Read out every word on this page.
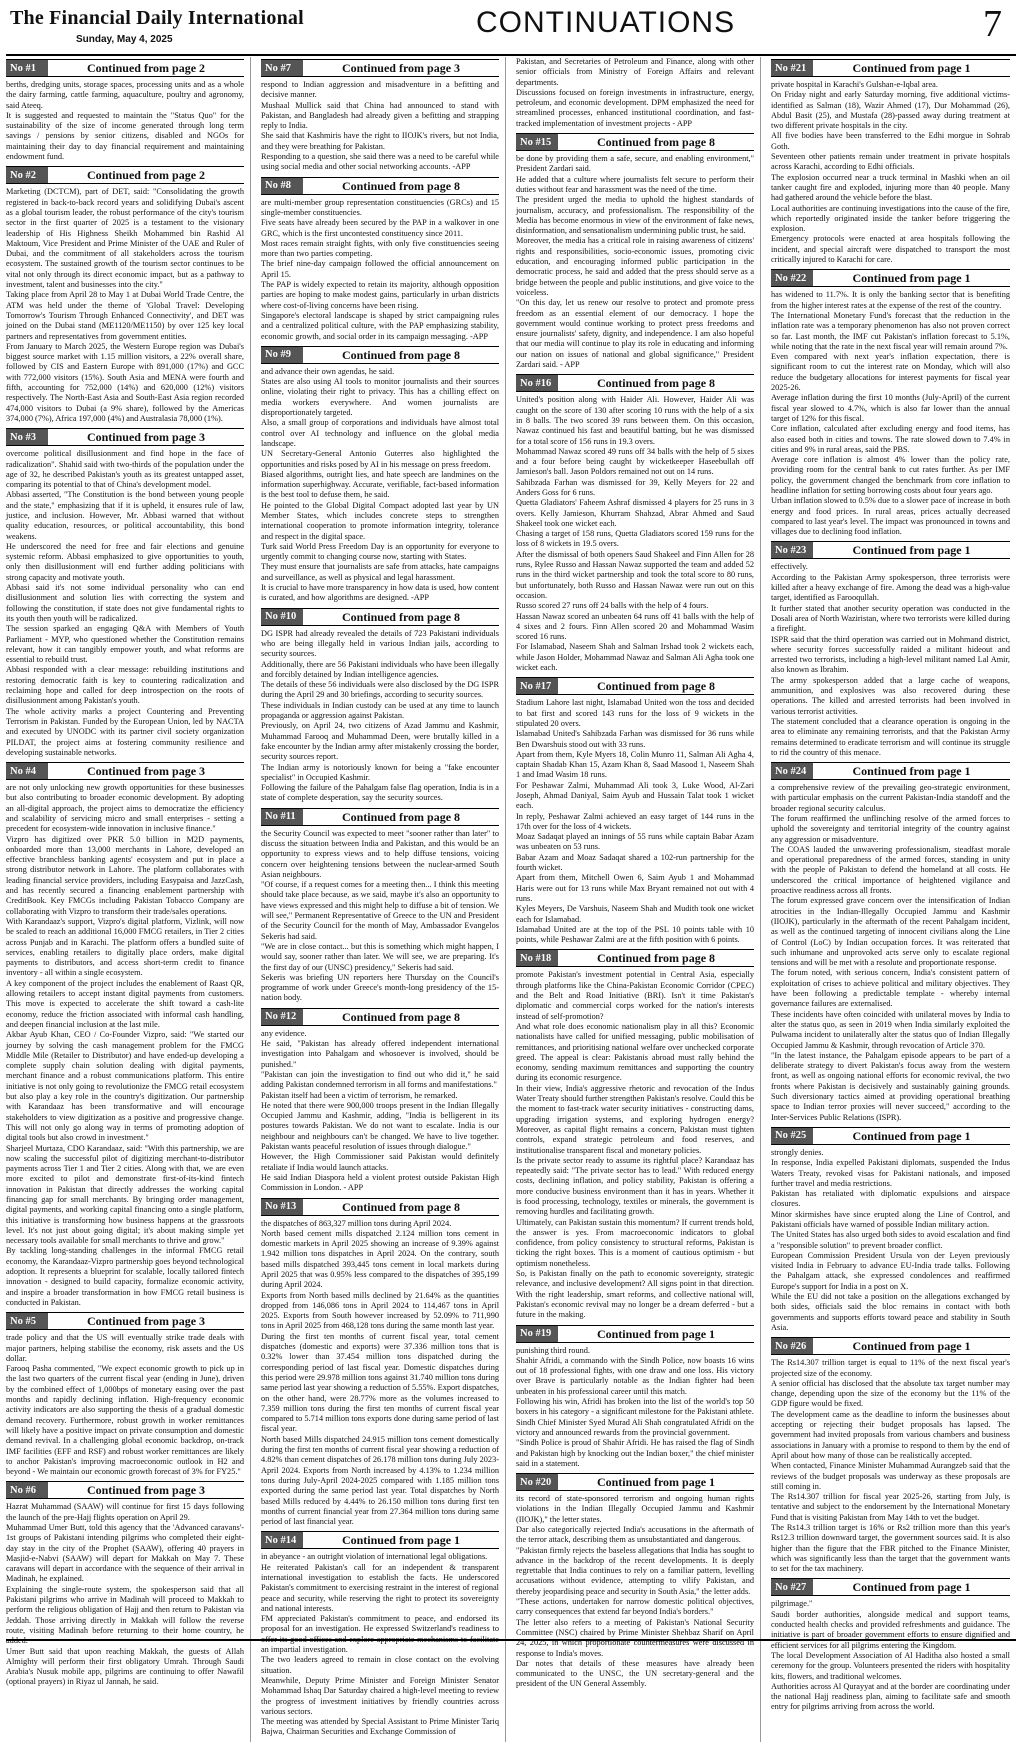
The Financial Daily International
Sunday, May 4, 2025
CONTINUATIONS	7
No #1	Continued from page 2

berths, dredging units, storage spaces, processing units and as a whole the dairy farming, cattle farming, aquaculture, poultry and agronomy, said Ateeq.

It is suggested and requested to maintain the "Status Quo" for the sustainability of the size of income generated through long term savings / pensions by senior citizens, disabled and NGOs for maintaining their day to day financial requirement and maintaining endowment fund.

No #2	Continued from page 2

Marketing (DCTCM), part of DET, said: "Consolidating the growth registered in back-to-back record years and solidifying Dubai's ascent as a global tourism leader, the robust performance of the city's tourism sector in the first quarter of 2025 is a testament to the visionary leadership of His Highness Sheikh Mohammed bin Rashid Al Maktoum, Vice President and Prime Minister of the UAE and Ruler of Dubai, and the commitment of all stakeholders across the tourism ecosystem. The sustained growth of the tourism sector continues to be vital not only through its direct economic impact, but as a pathway to investment, talent and businesses into the city."

Taking place from April 28 to May 1 at Dubai World Trade Centre, the ATM was held under the theme of 'Global Travel: Developing Tomorrow's Tourism Through Enhanced Connectivity', and DET was joined on the Dubai stand (ME1120/ME1150) by over 125 key local partners and representatives from government entities.

From January to March 2025, the Western Europe region was Dubai's biggest source market with 1.15 million visitors, a 22% overall share, followed by CIS and Eastern Europe with 891,000 (17%) and GCC with 772,000 visitors (15%). South Asia and MENA were fourth and fifth, accounting for 752,000 (14%) and 620,000 (12%) visitors respectively. The North-East Asia and South-East Asia region recorded 474,000 visitors to Dubai (a 9% share), followed by the Americas 374,000 (7%), Africa 197,000 (4%) and Australasia 78,000 (1%).

No #3	Continued from page 3

overcome political disillusionment and find hope in the face of radicalization". Shahid said with two-thirds of the population under the age of 32, he described Pakistan's youth as its greatest untapped asset, comparing its potential to that of China's development model.

Abbasi asserted, "The Constitution is the bond between young people and the state," emphasizing that if it is upheld, it ensures rule of law, justice, and inclusion. However, Mr. Abbasi warned that without quality education, resources, or political accountability, this bond weakens.

He underscored the need for free and fair elections and genuine systemic reform. Abbasi emphasized to give opportunities to youth, only then disillusionment will end further adding politicians with strong capacity and motivate youth.

Abbasi said it's not some individual personality who can end disillusionment and solution lies with correcting the system and following the constitution, if state does not give fundamental rights to its youth then youth will be radicalized.

The session sparked an engaging Q&A with Members of Youth Parliament - MYP, who questioned whether the Constitution remains relevant, how it can tangibly empower youth, and what reforms are essential to rebuild trust.

Abbasi responded with a clear message: rebuilding institutions and restoring democratic faith is key to countering radicalization and reclaiming hope and called for deep introspection on the roots of disillusionment among Pakistan's youth.

The whole activity marks a project Countering and Preventing Terrorism in Pakistan. Funded by the European Union, led by NACTA and executed by UNODC with its partner civil society organization PILDAT, the project aims at fostering community resilience and developing sustainable networks.

No #4	Continued from page 3

are not only unlocking new growth opportunities for these businesses but also contributing to broader economic development. By adopting an all-digital approach, the project aims to democratize the efficiency and scalability of servicing micro and small enterprises - setting a precedent for ecosystem-wide innovation in inclusive finance."

Vizpro has digitized over PKR 5.0 billion in M2D payments, onboarded more than 13,000 merchants in Lahore, developed an effective branchless banking agents' ecosystem and put in place a strong distributor network in Lahore. The platform collaborates with leading financial service providers, including Easypaisa and JazzCash, and has recently secured a financing enablement partnership with CreditBook. Key FMCGs including Pakistan Tobacco Company are collaborating with Vizpro to transform their trade/sales operations.

With Karandaaz's support, Vizpro's digital platform, Vizlink, will now be scaled to reach an additional 16,000 FMCG retailers, in Tier 2 cities across Punjab and in Karachi. The platform offers a bundled suite of services, enabling retailers to digitally place orders, make digital payments to distributors, and access short-term credit to finance inventory - all within a single ecosystem.

A key component of the project includes the enablement of Raast QR, allowing retailers to accept instant digital payments from customers. This move is expected to accelerate the shift toward a cash-lite economy, reduce the friction associated with informal cash handling, and deepen financial inclusion at the last mile.

Akbar Ayub Khan, CEO / Co-Founder Vizpro, said: "We started our journey by solving the cash management problem for the FMCG Middle Mile (Retailer to Distributor) and have ended-up developing a complete supply chain solution dealing with digital payments, merchant finance and a robust communications platform. This entire initiative is not only going to revolutionize the FMCG retail ecosystem but also play a key role in the country's digitization. Our partnership with Karandaaz has been transformative and will encourage stakeholders to view digitization as a positive and progressive change. This will not only go along way in terms of promoting adoption of digital tools but also crowd in investment."

Sharjeel Murtaza, CDO Karandaaz, said: "With this partnership, we are now scaling the successful pilot of digitizing merchant-to-distributor payments across Tier 1 and Tier 2 cities. Along with that, we are even more excited to pilot and demonstrate first-of-its-kind fintech innovation in Pakistan that directly addresses the working capital financing gap for small merchants. By bringing order management, digital payments, and working capital financing onto a single platform, this initiative is transforming how business happens at the grassroots level. It's not just about going digital; it's about making simple yet necessary tools available for small merchants to thrive and grow."

By tackling long-standing challenges in the informal FMCG retail economy, the Karandaaz-Vizpro partnership goes beyond technological adoption. It represents a blueprint for scalable, locally tailored fintech innovation - designed to build capacity, formalize economic activity, and inspire a broader transformation in how FMCG retail business is conducted in Pakistan.

No #5	Continued from page 3

trade policy and that the US will eventually strike trade deals with major partners, helping stabilise the economy, risk assets and the US dollar.

Farooq Pasha commented, "We expect economic growth to pick up in the last two quarters of the current fiscal year (ending in June), driven by the combined effect of 1,000bps of monetary easing over the past months and rapidly declining inflation. High-frequency economic activity indicators are also supporting the thesis of a gradual domestic demand recovery. Furthermore, robust growth in worker remittances will likely have a positive impact on private consumption and domestic demand revival. In a challenging global economic backdrop, on-track IMF facilities (EFF and RSF) and robust worker remittances are likely to anchor Pakistan's improving macroeconomic outlook in H2 and beyond - We maintain our economic growth forecast of 3% for FY25."

No #6	Continued from page 3

Hazrat Muhammad (SAAW) will continue for first 15 days following the launch of the pre-Hajj flights operation on April 29.

Muhammad Umer Butt, told this agency that the 'Advanced caravans'- 1st groups of Pakistani intending pilgrims who completed their eight-day stay in the city of the Prophet (SAAW), offering 40 prayers in Masjid-e-Nabvi (SAAW) will depart for Makkah on May 7. These caravans will depart in accordance with the sequence of their arrival in Madinah, he explained.

Explaining the single-route system, the spokesperson said that all Pakistani pilgrims who arrive in Madinah will proceed to Makkah to perform the religious obligation of Hajj and then return to Pakistan via Jeddah. Those arriving directly in Makkah will follow the reverse route, visiting Madinah before returning to their home country, he added.

Umer Butt said that upon reaching Makkah, the guests of Allah Almighty will perform their first obligatory Umrah. Through Saudi Arabia's Nusuk mobile app, pilgrims are continuing to offer Nawafil (optional prayers) in Riyaz ul Jannah, he said.

No #7	Continued from page 3

respond to Indian aggression and misadventure in a befitting and decisive manner.

Mushaal Mullick said that China had announced to stand with Pakistan, and Bangladesh had already given a befitting and strapping reply to India.

She said that Kashmiris have the right to IIOJK's rivers, but not India, and they were breathing for Pakistan.

Responding to a question, she said there was a need to be careful while using social media and other social networking accounts. -APP

No #8	Continued from page 8

are multi-member group representation constituencies (GRCs) and 15 single-member constituencies.

Five seats have already been secured by the PAP in a walkover in one GRC, which is the first uncontested constituency since 2011.

Most races remain straight fights, with only five constituencies seeing more than two parties competing.

The brief nine-day campaign followed the official announcement on April 15.

The PAP is widely expected to retain its majority, although opposition parties are hoping to make modest gains, particularly in urban districts where cost-of-living concerns have been rising.

Singapore's electoral landscape is shaped by strict campaigning rules and a centralized political culture, with the PAP emphasizing stability, economic growth, and social order in its campaign messaging. -APP

No #9	Continued from page 8

and advance their own agendas, he said.

States are also using AI tools to monitor journalists and their sources online, violating their right to privacy. This has a chilling effect on media workers everywhere. And women journalists are disproportionately targeted.

Also, a small group of corporations and individuals have almost total control over AI technology and influence on the global media landscape.

UN Secretary-General Antonio Guterres also highlighted the opportunities and risks posed by AI in his message on press freedom.

Biased algorithms, outright lies, and hate speech are landmines on the information superhighway. Accurate, verifiable, fact-based information is the best tool to defuse them, he said.

He pointed to the Global Digital Compact adopted last year by UN Member States, which includes concrete steps to strengthen international cooperation to promote information integrity, tolerance and respect in the digital space.

Turk said World Press Freedom Day is an opportunity for everyone to urgently commit to changing course now, starting with States.

They must ensure that journalists are safe from attacks, hate campaigns and surveillance, as well as physical and legal harassment.

It is crucial to have more transparency in how data is used, how content is curated, and how algorithms are designed. -APP

No #10	Continued from page 8

DG ISPR had already revealed the details of 723 Pakistani individuals who are being illegally held in various Indian jails, according to security sources.

Additionally, there are 56 Pakistani individuals who have been illegally and forcibly detained by Indian intelligence agencies.

The details of these 56 individuals were also disclosed by the DG ISPR during the April 29 and 30 briefings, according to security sources.

These individuals in Indian custody can be used at any time to launch propaganda or aggression against Pakistan.

Previously, on April 24, two citizens of Azad Jammu and Kashmir, Muhammad Farooq and Muhammad Deen, were brutally killed in a fake encounter by the Indian army after mistakenly crossing the border, security sources report.

The Indian army is notoriously known for being a "fake encounter specialist" in Occupied Kashmir.

Following the failure of the Pahalgam false flag operation, India is in a state of complete desperation, say the security sources.

No #11	Continued from page 8

the Security Council was expected to meet "sooner rather than later" to discuss the situation between India and Pakistan, and this would be an opportunity to express views and to help diffuse tensions, voicing concern over heightening tensions between the nuclear-armed South Asian neighbours.

"Of course, if a request comes for a meeting then... I think this meeting should take place because, as we said, maybe it's also an opportunity to have views expressed and this might help to diffuse a bit of tension. We will see," Permanent Representative of Greece to the UN and President of the Security Council for the month of May, Ambassador Evangelos Sekeris had said.

"We are in close contact... but this is something which might happen, I would say, sooner rather than later. We will see, we are preparing. It's the first day of our (UNSC) presidency," Sekeris had said.

Sekeris was briefing UN reporters here Thursday on the Council's programme of work under Greece's month-long presidency of the 15-nation body.

No #12	Continued from page 8

any evidence.

He said, "Pakistan has already offered independent international investigation into Pahalgam and whosoever is involved, should be punished."

"Pakistan can join the investigation to find out who did it," he said adding Pakistan condemned terrorism in all forms and manifestations."

Pakistan itself had been a victim of terrorism, he remarked.

He noted that there were 900,000 troops present in the Indian Illegally Occupied Jammu and Kashmir, adding, "India is belligerent in its postures towards Pakistan. We do not want to escalate. India is our neighbour and neighbours can't be changed. We have to live together. Pakistan wants peaceful resolution of issues through dialogue."

However, the High Commissioner said Pakistan would definitely retaliate if India would launch attacks.

He said Indian Diaspora held a violent protest outside Pakistan High Commission in London. - APP

No #13	Continued from page 8

the dispatches of 863,327 million tons during April 2024.

North based cement mills dispatched 2.124 million tons cement in domestic markets in April 2025 showing an increase of 9.39% against 1.942 million tons dispatches in April 2024. On the contrary, south based mills dispatched 393,445 tons cement in local markets during April 2025 that was 0.95% less compared to the dispatches of 395,199 during April 2024.

Exports from North based mills declined by 21.64% as the quantities dropped from 146,086 tons in April 2024 to 114,467 tons in April 2025. Exports from South however increased by 52.09% to 711,990 tons in April 2025 from 468,128 tons during the same month last year.

During the first ten months of current fiscal year, total cement dispatches (domestic and exports) were 37.336 million tons that is 0.32% lower than 37.454 million tons dispatched during the corresponding period of last fiscal year. Domestic dispatches during this period were 29.978 million tons against 31.740 million tons during same period last year showing a reduction of 5.55%. Export dispatches, on the other hand, were 28.77% more as the volumes increased to 7.359 million tons during the first ten months of current fiscal year compared to 5.714 million tons exports done during same period of last fiscal year.

North based Mills dispatched 24.915 million tons cement domestically during the first ten months of current fiscal year showing a reduction of 4.82% than cement dispatches of 26.178 million tons during July 2023-April 2024. Exports from North increased by 4.13% to 1.234 million tons during July-April 2024-2025 compared with 1.185 million tons exported during the same period last year. Total dispatches by North based Mills reduced by 4.44% to 26.150 million tons during first ten months of current financial year from 27.364 million tons during same period of last financial year.

No #14	Continued from page 1

in abeyance - an outright violation of international legal obligations.

He reiterated Pakistan's call for an independent & transparent international investigation to establish the facts. He underscored Pakistan's commitment to exercising restraint in the interest of regional peace and security, while reserving the right to protect its sovereignty and national interests.

FM appreciated Pakistan's commitment to peace, and endorsed its proposal for an investigation. He expressed Switzerland's readiness to offer its good offices and explore appropriate mechanisms to facilitate an impartial investigation.

The two leaders agreed to remain in close contact on the evolving situation.

Meanwhile, Deputy Prime Minister and Foreign Minister Senator Mohammad Ishaq Dar Saturday chaired a high-level meeting to review the progress of investment initiatives by friendly countries across various sectors.

The meeting was attended by Special Assistant to Prime Minister Tariq Bajwa, Chairman Securities and Exchange Commission of

Pakistan, and Secretaries of Petroleum and Finance, along with other senior officials from Ministry of Foreign Affairs and relevant departments.

Discussions focused on foreign investments in infrastructure, energy, petroleum, and economic development. DPM emphasized the need for streamlined processes, enhanced institutional coordination, and fast-tracked implementation of investment projects - APP

No #15	Continued from page 8

be done by providing them a safe, secure, and enabling environment," President Zardari said.

He added that a culture where journalists felt secure to perform their duties without fear and harassment was the need of the time.

The president urged the media to uphold the highest standards of journalism, accuracy, and professionalism. The responsibility of the Media has become enormous in view of the environment of fake news, disinformation, and sensationalism undermining public trust, he said.

Moreover, the media has a critical role in raising awareness of citizens' rights and responsibilities, socio-economic issues, promoting civic education, and encouraging informed public participation in the democratic process, he said and added that the press should serve as a bridge between the people and public institutions, and give voice to the voiceless.

"On this day, let us renew our resolve to protect and promote press freedom as an essential element of our democracy. I hope the government would continue working to protect press freedoms and ensure journalists' safety, dignity, and independence. I am also hopeful that our media will continue to play its role in educating and informing our nation on issues of national and global significance," President Zardari said. - APP

No #16	Continued from page 8

United's position along with Haider Ali. However, Haider Ali was caught on the score of 130 after scoring 10 runs with the help of a six in 8 balls. The two scored 39 runs between them. On this occasion, Nawaz continued his fast and beautiful batting, but he was dismissed for a total score of 156 runs in 19.3 overs.

Mohammad Nawaz scored 49 runs off 34 balls with the help of 5 sixes and a four before being caught by wicketkeeper Haseebullah off Jamieson's ball. Jason Poldors remained not out on 14 runs.

Sahibzada Farhan was dismissed for 39, Kelly Meyers for 22 and Anders Goss for 6 runs.

Quetta Gladiators' Faheem Ashraf dismissed 4 players for 25 runs in 3 overs. Kelly Jamieson, Khurram Shahzad, Abrar Ahmed and Saud Shakeel took one wicket each.

Chasing a target of 158 runs, Quetta Gladiators scored 159 runs for the loss of 8 wickets in 19.5 overs.

After the dismissal of both openers Saud Shakeel and Finn Allen for 28 runs, Rylee Russo and Hassan Nawaz supported the team and added 52 runs in the third wicket partnership and took the total score to 80 runs, but unfortunately, both Russo and Hassan Nawaz were run out on this occasion.

Russo scored 27 runs off 24 balls with the help of 4 fours.

Hassan Nawaz scored an unbeaten 64 runs off 41 balls with the help of 4 sixes and 2 fours. Finn Allen scored 20 and Mohammad Wasim scored 16 runs.

For Islamabad, Naseem Shah and Salman Irshad took 2 wickets each, while Jason Holder, Mohammad Nawaz and Salman Ali Agha took one wicket each.

No #17	Continued from page 8

Stadium Lahore last night, Islamabad United won the toss and decided to bat first and scored 143 runs for the loss of 9 wickets in the stipulated 20 overs.

Islamabad United's Sahibzada Farhan was dismissed for 36 runs while Ben Dwarshuis stood out with 33 runs.

Apart from them, Kyle Myers 18, Colin Munro 11, Salman Ali Agha 4, captain Shadab Khan 15, Azam Khan 8, Saad Masood 1, Naseem Shah 1 and Imad Wasim 18 runs.

For Peshawar Zalmi, Muhammad Ali took 3, Luke Wood, Al-Zari Joseph, Ahmad Daniyal, Saim Ayub and Hussain Talat took 1 wicket each.

In reply, Peshawar Zalmi achieved an easy target of 144 runs in the 17th over for the loss of 4 wickets.

Moaz Sadaqat played an innings of 55 runs while captain Babar Azam was unbeaten on 53 runs.

Babar Azam and Moaz Sadaqat shared a 102-run partnership for the fourth wicket.

Apart from them, Mitchell Owen 6, Saim Ayub 1 and Mohammad Haris were out for 13 runs while Max Bryant remained not out with 4 runs.

Kyles Meyers, De Varshuis, Naseem Shah and Mudith took one wicket each for Islamabad.

Islamabad United are at the top of the PSL 10 points table with 10 points, while Peshawar Zalmi are at the fifth position with 6 points.

No #18	Continued from page 8

promote Pakistan's investment potential in Central Asia, especially through platforms like the China-Pakistan Economic Corridor (CPEC) and the Belt and Road Initiative (BRI). Isn't it time Pakistan's diplomatic and commercial corps worked for the nation's interests instead of self-promotion?

And what role does economic nationalism play in all this? Economic nationalists have called for unified messaging, public mobilisation of remittances, and prioritising national welfare over unchecked corporate greed. The appeal is clear: Pakistanis abroad must rally behind the economy, sending maximum remittances and supporting the country during its economic resurgence.

In their view, India's aggressive rhetoric and revocation of the Indus Water Treaty should further strengthen Pakistan's resolve. Could this be the moment to fast-track water security initiatives - constructing dams, upgrading irrigation systems, and exploring hydrogen energy? Moreover, as capital flight remains a concern, Pakistan must tighten controls, expand strategic petroleum and food reserves, and institutionalise transparent fiscal and monetary policies.

Is the private sector ready to assume its rightful place? Karandaaz has repeatedly said: "The private sector has to lead." With reduced energy costs, declining inflation, and policy stability, Pakistan is offering a more conducive business environment than it has in years. Whether it is food processing, technology, textiles or minerals, the government is removing hurdles and facilitating growth.

Ultimately, can Pakistan sustain this momentum? If current trends hold, the answer is yes. From macroeconomic indicators to global confidence, from policy consistency to structural reforms, Pakistan is ticking the right boxes. This is a moment of cautious optimism - but optimism nonetheless.

So, is Pakistan finally on the path to economic sovereignty, strategic relevance, and inclusive development? All signs point in that direction. With the right leadership, smart reforms, and collective national will, Pakistan's economic revival may no longer be a dream deferred - but a future in the making.

No #19	Continued from page 1

punishing third round.

Shahir Afridi, a commando with the Sindh Police, now boasts 16 wins out of 18 professional fights, with one draw and one loss. His victory over Brave is particularly notable as the Indian fighter had been unbeaten in his professional career until this match.

Following his win, Afridi has broken into the list of the world's top 50 boxers in his category - a significant milestone for the Pakistani athlete.

Sindh Chief Minister Syed Murad Ali Shah congratulated Afridi on the victory and announced rewards from the provincial government.

"Sindh Police is proud of Shahir Afridi. He has raised the flag of Sindh and Pakistan high by knocking out the Indian boxer," the chief minister said in a statement.

No #20	Continued from page 1

its record of state-sponsored terrorism and ongoing human rights violations in the Indian Illegally Occupied Jammu and Kashmir (IIOJK)," the letter states.

Dar also categorically rejected India's accusations in the aftermath of the terror attack, describing them as unsubstantiated and dangerous.

"Pakistan firmly rejects the baseless allegations that India has sought to advance in the backdrop of the recent developments. It is deeply regrettable that India continues to rely on a familiar pattern, levelling accusations without evidence, attempting to vilify Pakistan, and thereby jeopardising peace and security in South Asia," the letter adds.

"These actions, undertaken for narrow domestic political objectives, carry consequences that extend far beyond India's borders."

The letter also refers to a meeting of Pakistan's National Security Committee (NSC) chaired by Prime Minister Shehbaz Sharif on April 24, 2025, in which proportionate countermeasures were discussed in response to India's moves.

Dar notes that details of these measures have already been communicated to the UNSC, the UN secretary-general and the president of the UN General Assembly.

No #21	Continued from page 1

private hospital in Karachi's Gulshan-e-Iqbal area.

On Friday night and early Saturday morning, five additional victims-identified as Salman (18), Wazir Ahmed (17), Dur Mohammad (26), Abdul Basit (25), and Mustafa (28)-passed away during treatment at two different private hospitals in the city.

All five bodies have been transferred to the Edhi morgue in Sohrab Goth.

Seventeen other patients remain under treatment in private hospitals across Karachi, according to Edhi officials.

The explosion occurred near a truck terminal in Mashki when an oil tanker caught fire and exploded, injuring more than 40 people. Many had gathered around the vehicle before the blast.

Local authorities are continuing investigations into the cause of the fire, which reportedly originated inside the tanker before triggering the explosion.

Emergency protocols were enacted at area hospitals following the incident, and special aircraft were dispatched to transport the most critically injured to Karachi for care.

No #22	Continued from page 1

has widened to 11.7%. It is only the banking sector that is benefiting from the higher interest rates at the expense of the rest of the country.

The International Monetary Fund's forecast that the reduction in the inflation rate was a temporary phenomenon has also not proven correct so far. Last month, the IMF cut Pakistan's inflation forecast to 5.1%, while noting that the rate in the next fiscal year will remain around 7%.

Even compared with next year's inflation expectation, there is significant room to cut the interest rate on Monday, which will also reduce the budgetary allocations for interest payments for fiscal year 2025-26.

Average inflation during the first 10 months (July-April) of the current fiscal year slowed to 4.7%, which is also far lower than the annual target of 12% for this fiscal.

Core inflation, calculated after excluding energy and food items, has also eased both in cities and towns. The rate slowed down to 7.4% in cities and 9% in rural areas, said the PBS.

Average core inflation is almost 4% lower than the policy rate, providing room for the central bank to cut rates further. As per IMF policy, the government changed the benchmark from core inflation to headline inflation for setting borrowing costs about four years ago.

Urban inflation slowed to 0.5% due to a slower pace of increase in both energy and food prices. In rural areas, prices actually decreased compared to last year's level. The impact was pronounced in towns and villages due to declining food inflation.

No #23	Continued from page 1

effectively.

According to the Pakistan Army spokesperson, three terrorists were killed after a heavy exchange of fire. Among the dead was a high-value target, identified as Farooqullah.

It further stated that another security operation was conducted in the Dosali area of North Waziristan, where two terrorists were killed during a firefight.

ISPR said that the third operation was carried out in Mohmand district, where security forces successfully raided a militant hideout and arrested two terrorists, including a high-level militant named Lal Amir, also known as Ibrahim.

The army spokesperson added that a large cache of weapons, ammunition, and explosives was also recovered during these operations. The killed and arrested terrorists had been involved in various terrorist activities.

The statement concluded that a clearance operation is ongoing in the area to eliminate any remaining terrorists, and that the Pakistan Army remains determined to eradicate terrorism and will continue its struggle to rid the country of this menace.

No #24	Continued from page 1

a comprehensive review of the prevailing geo-strategic environment, with particular emphasis on the current Pakistan-India standoff and the broader regional security calculus.

The forum reaffirmed the unflinching resolve of the armed forces to uphold the sovereignty and territorial integrity of the country against any aggression or misadventure.

The COAS lauded the unwavering professionalism, steadfast morale and operational preparedness of the armed forces, standing in unity with the people of Pakistan to defend the homeland at all costs. He underscored the critical importance of heightened vigilance and proactive readiness across all fronts.

The forum expressed grave concern over the intensification of Indian atrocities in the Indian-Illegally Occupied Jammu and Kashmir (IIOJK), particularly in the aftermath of the recent Pahalgam incident, as well as the continued targeting of innocent civilians along the Line of Control (LoC) by Indian occupation forces. It was reiterated that such inhumane and unprovoked acts serve only to escalate regional tensions and will be met with a resolute and proportionate response.

The forum noted, with serious concern, India's consistent pattern of exploitation of crises to achieve political and military objectives. They have been following a predictable template - whereby internal governance failures are externalised.

These incidents have often coincided with unilateral moves by India to alter the status quo, as seen in 2019 when India similarly exploited the Pulwama incident to unilaterally alter the status quo of Indian Illegally Occupied Jammu & Kashmir, through revocation of Article 370.

"In the latest instance, the Pahalgam episode appears to be part of a deliberate strategy to divert Pakistan's focus away from the western front, as well as ongoing national efforts for economic revival, the two fronts where Pakistan is decisively and sustainably gaining grounds. Such diversionary tactics aimed at providing operational breathing space to Indian terror proxies will never succeed," according to the Inter-Services Public Relations (ISPR).

No #25	Continued from page 1

strongly denies.

In response, India expelled Pakistani diplomats, suspended the Indus Waters Treaty, revoked visas for Pakistani nationals, and imposed further travel and media restrictions.

Pakistan has retaliated with diplomatic expulsions and airspace closures.

Minor skirmishes have since erupted along the Line of Control, and Pakistani officials have warned of possible Indian military action.

The United States has also urged both sides to avoid escalation and find a "responsible solution" to prevent broader conflict.

European Commission President Ursula von der Leyen previously visited India in February to advance EU-India trade talks. Following the Pahalgam attack, she expressed condolences and reaffirmed Europe's support for India in a post on X.

While the EU did not take a position on the allegations exchanged by both sides, officials said the bloc remains in contact with both governments and supports efforts toward peace and stability in South Asia.

No #26	Continued from page 1

The Rs14.307 trillion target is equal to 11% of the next fiscal year's projected size of the economy.

A senior official has disclosed that the absolute tax target number may change, depending upon the size of the economy but the 11% of the GDP figure would be fixed.

The development came as the deadline to inform the businesses about accepting or rejecting their budget proposals has lapsed. The government had invited proposals from various chambers and business associations in January with a promise to respond to them by the end of April about how many of those can be realistically accepted.

When contacted, Finance Minister Muhammad Aurangzeb said that the reviews of the budget proposals was underway as these proposals are still coming in.

The Rs14.307 trillion for fiscal year 2025-26, starting from July, is tentative and subject to the endorsement by the International Monetary Fund that is visiting Pakistan from May 14th to vet the budget.

The Rs14.3 trillion target is 16% or Rs2 trillion more than this year's Rs12.3 trillion downward target, the government sources said. It is also higher than the figure that the FBR pitched to the Finance Minister, which was significantly less than the target that the government wants to set for the tax machinery.

No #27	Continued from page 1

pilgrimage."

Saudi border authorities, alongside medical and support teams, conducted health checks and provided refreshments and guidance. The initiative is part of broader government efforts to ensure dignified and efficient services for all pilgrims entering the Kingdom.

The local Development Association of Al Haditha also hosted a small ceremony for the group. Volunteers presented the riders with hospitality kits, flowers, and traditional welcomes.

Authorities across Al Qurayyat and at the border are coordinating under the national Hajj readiness plan, aiming to facilitate safe and smooth entry for pilgrims arriving from across the world.
